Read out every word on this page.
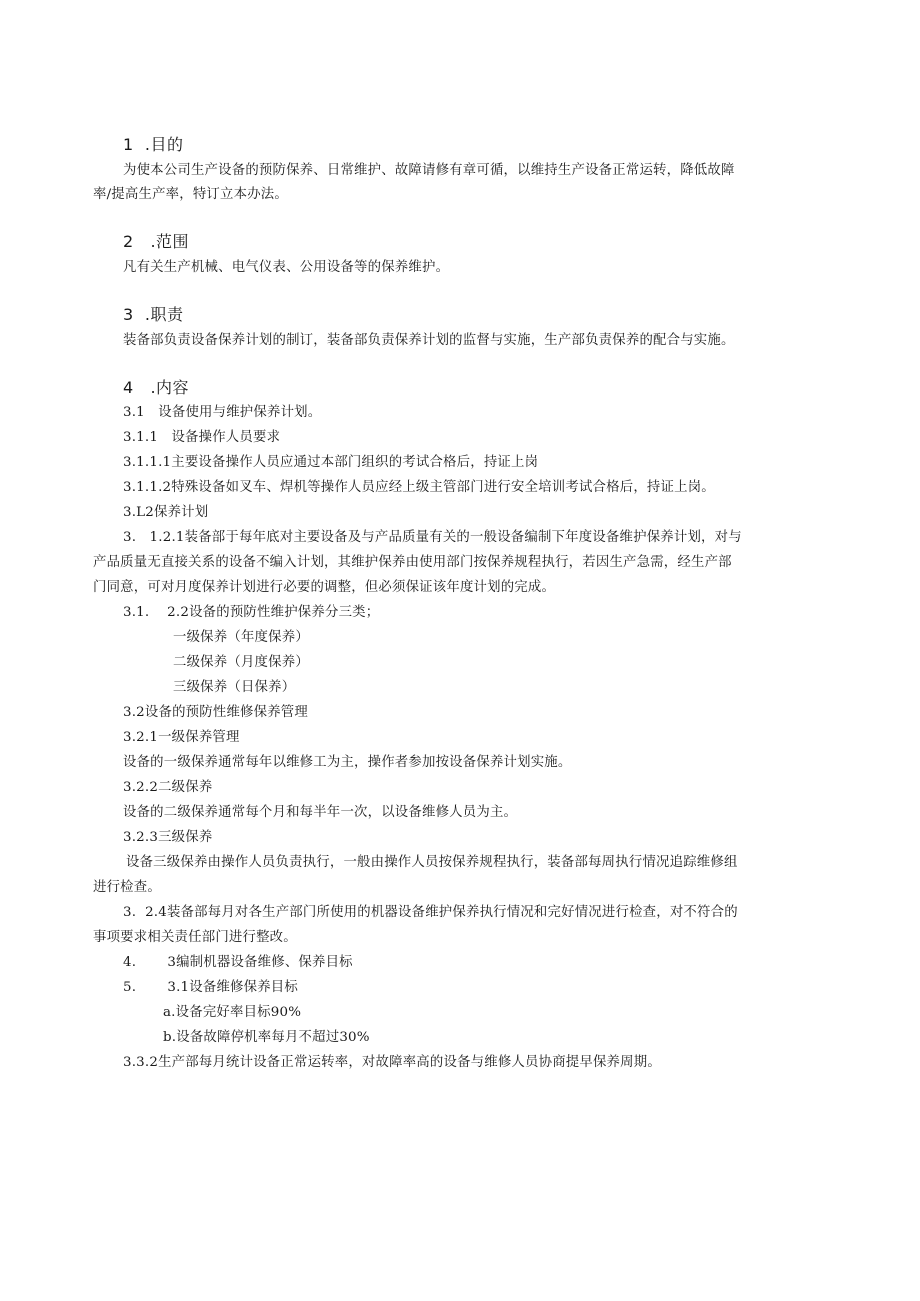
1  .目的
为使本公司生产设备的预防保养、日常维护、故障请修有章可循，以维持生产设备正常运转，降低故障
率/提高生产率，特订立本办法。
2   .范围
凡有关生产机械、电气仪表、公用设备等的保养维护。
3  .职责
装备部负责设备保养计划的制订，装备部负责保养计划的监督与实施，生产部负责保养的配合与实施。
4   .内容
3.1   设备使用与维护保养计划。
3.1.1   设备操作人员要求
3.1.1.1主要设备操作人员应通过本部门组织的考试合格后，持证上岗
3.1.1.2特殊设备如叉车、焊机等操作人员应经上级主管部门进行安全培训考试合格后，持证上岗。
3.L2保养计划
3.   1.2.1装备部于每年底对主要设备及与产品质量有关的一般设备编制下年度设备维护保养计划，对与
产品质量无直接关系的设备不编入计划，其维护保养由使用部门按保养规程执行，若因生产急需，经生产部
门同意，可对月度保养计划进行必要的调整，但必须保证该年度计划的完成。
3.1.    2.2设备的预防性维护保养分三类；
一级保养（年度保养）
二级保养（月度保养）
三级保养（日保养）
3.2设备的预防性维修保养管理
3.2.1一级保养管理
设备的一级保养通常每年以维修工为主，操作者参加按设备保养计划实施。
3.2.2二级保养
设备的二级保养通常每个月和每半年一次，以设备维修人员为主。
3.2.3三级保养
设备三级保养由操作人员负责执行，一般由操作人员按保养规程执行，装备部每周执行情况追踪维修组
进行检查。
3.  2.4装备部每月对各生产部门所使用的机器设备维护保养执行情况和完好情况进行检查，对不符合的
事项要求相关责任部门进行整改。
4.       3编制机器设备维修、保养目标
5.       3.1设备维修保养目标
a.设备完好率目标90%
b.设备故障停机率每月不超过30%
3.3.2生产部每月统计设备正常运转率，对故障率高的设备与维修人员协商提早保养周期。
